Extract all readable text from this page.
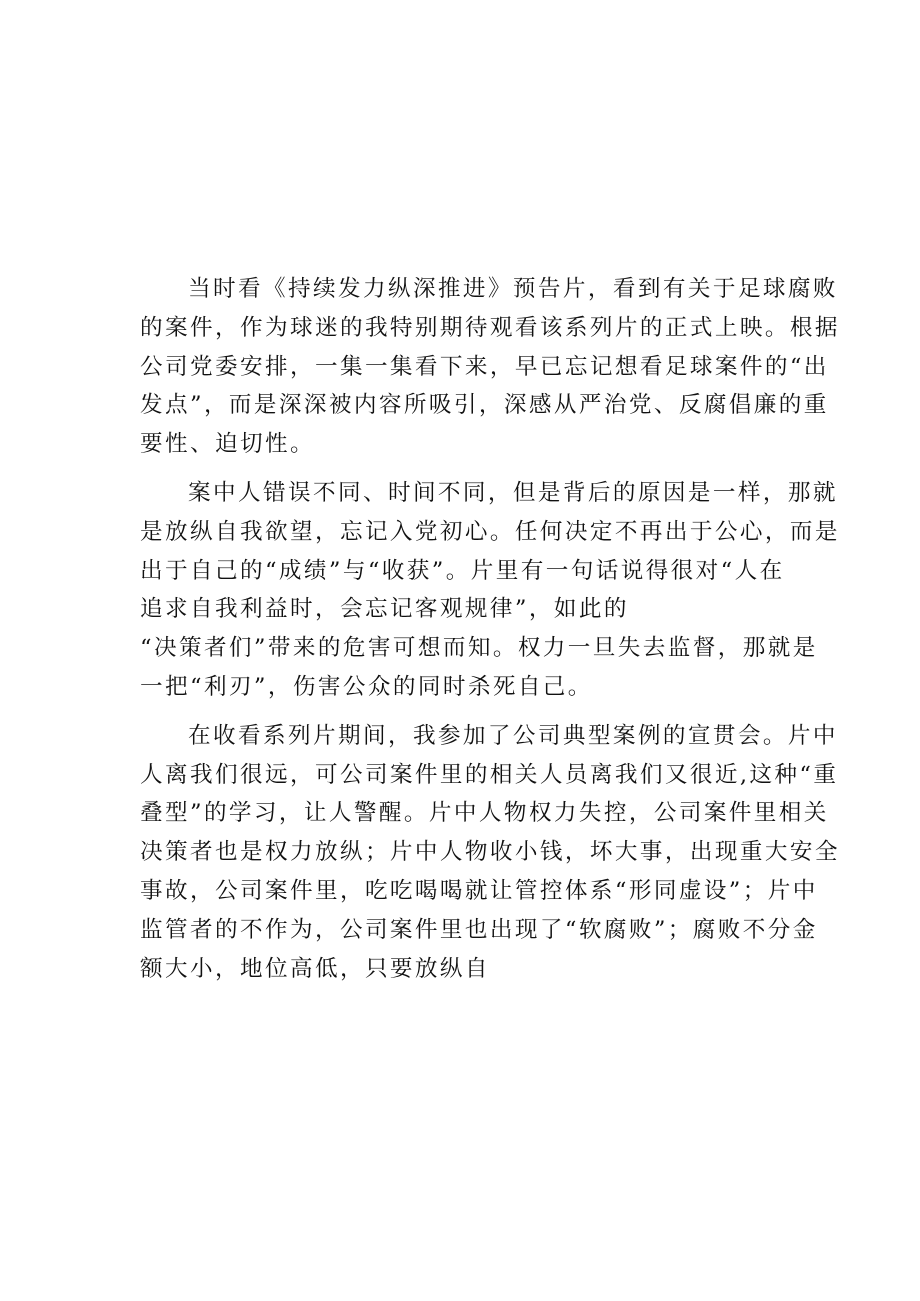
当时看《持续发力纵深推进》预告片，看到有关于足球腐败
的案件，作为球迷的我特别期待观看该系列片的正式上映。根据
公司党委安排，一集一集看下来，早已忘记想看足球案件的“出
发点”，而是深深被内容所吸引，深感从严治党、反腐倡廉的重
要性、迫切性。
案中人错误不同、时间不同，但是背后的原因是一样，那就
是放纵自我欲望，忘记入党初心。任何决定不再出于公心，而是
出于自己的“成绩”与“收获”。片里有一句话说得很对“人在
追求自我利益时，会忘记客观规律”，如此的
“决策者们”带来的危害可想而知。权力一旦失去监督，那就是
一把“利刃”，伤害公众的同时杀死自己。
在收看系列片期间，我参加了公司典型案例的宣贯会。片中
人离我们很远，可公司案件里的相关人员离我们又很近,这种“重
叠型”的学习，让人警醒。片中人物权力失控，公司案件里相关
决策者也是权力放纵；片中人物收小钱，坏大事，出现重大安全
事故，公司案件里，吃吃喝喝就让管控体系“形同虚设”；片中
监管者的不作为，公司案件里也出现了“软腐败”；腐败不分金
额大小，地位高低，只要放纵自
